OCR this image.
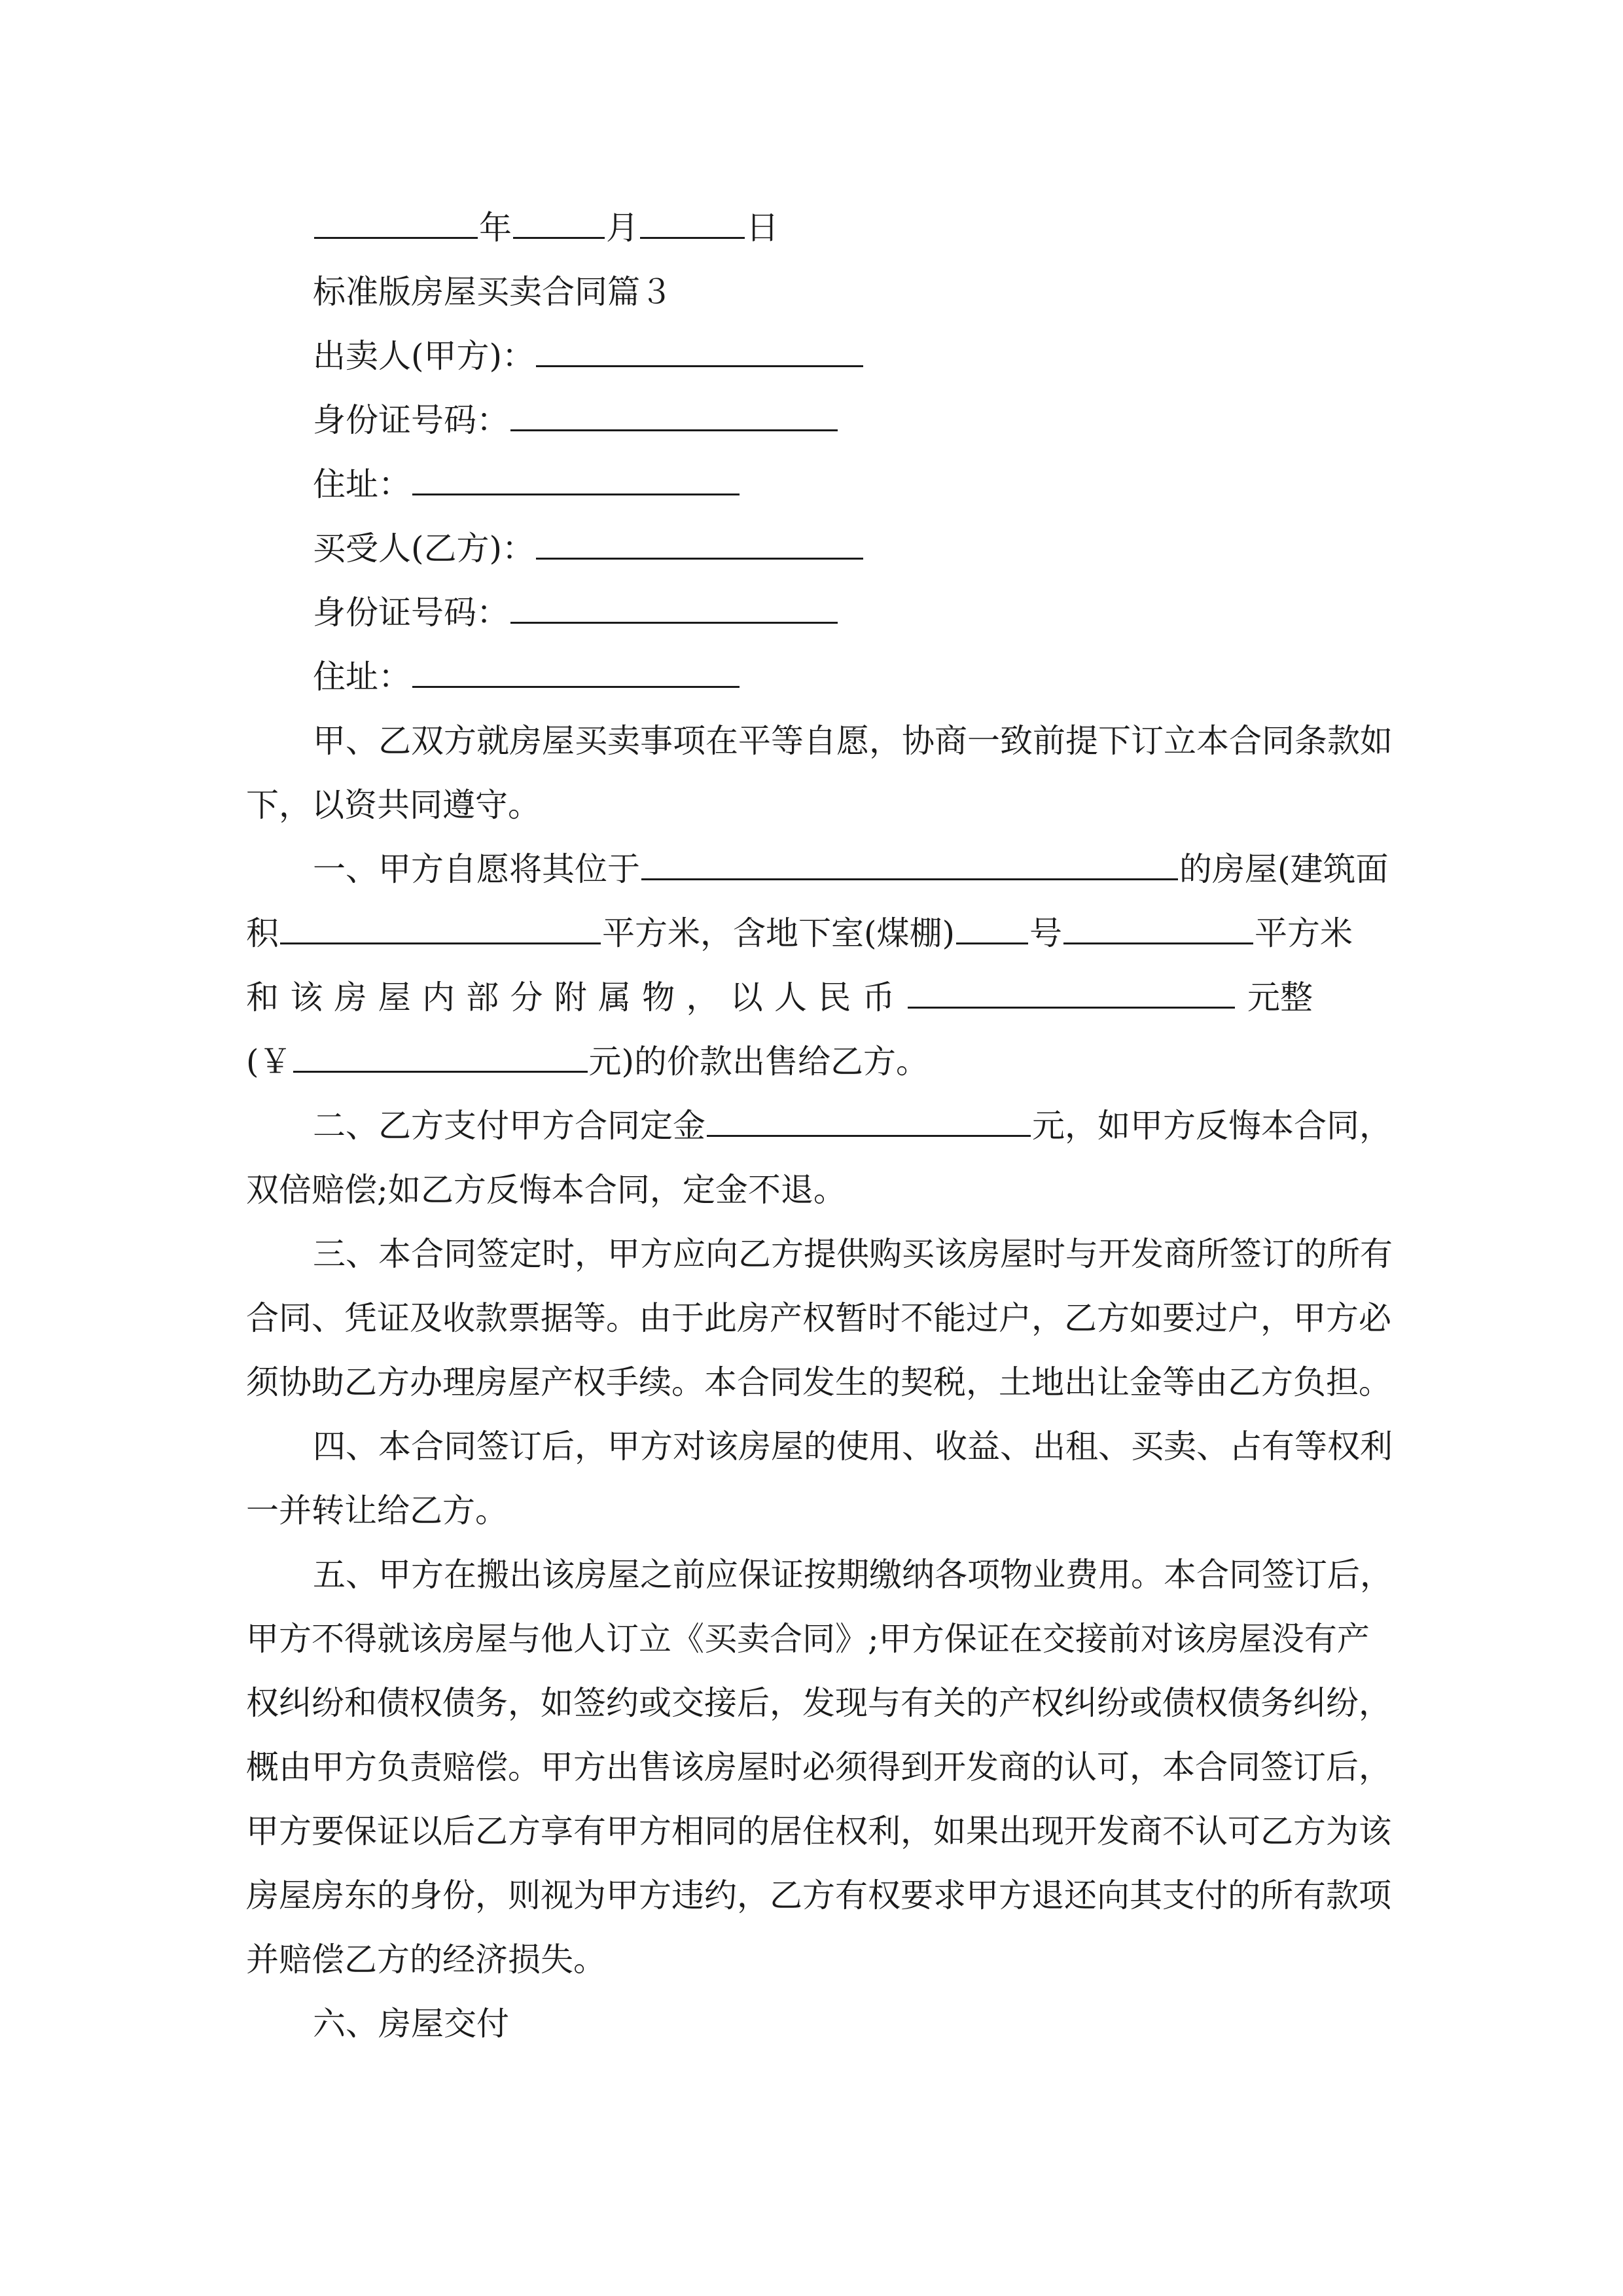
年	月	日
标准版房屋买卖合同篇３
出卖人(甲方)：
身份证号码：
住址：
买受人(乙方)：
身份证号码：
住址：
甲、乙双方就房屋买卖事项在平等自愿，协商一致前提下订立本合同条款如
下，以资共同遵守。
一、甲方自愿将其位于	的房屋(建筑面
积	平方米，含地下室(煤棚) 号	平方米
和 该 房 屋 内 部 分 附 属 物 ， 以 人 民 币	元整
(￥	元)的价款出售给乙方。
二、乙方支付甲方合同定金	元，如甲方反悔本合同，
双倍赔偿;如乙方反悔本合同，定金不退。
三、本合同签定时，甲方应向乙方提供购买该房屋时与开发商所签订的所有
合同、凭证及收款票据等。由于此房产权暂时不能过户，乙方如要过户，甲方必
须协助乙方办理房屋产权手续。本合同发生的契税，土地出让金等由乙方负担。
四、本合同签订后，甲方对该房屋的使用、收益、出租、买卖、占有等权利
一并转让给乙方。
五、甲方在搬出该房屋之前应保证按期缴纳各项物业费用。本合同签订后，
甲方不得就该房屋与他人订立《买卖合同》;甲方保证在交接前对该房屋没有产
权纠纷和债权债务，如签约或交接后，发现与有关的产权纠纷或债权债务纠纷，
概由甲方负责赔偿。甲方出售该房屋时必须得到开发商的认可，本合同签订后，
甲方要保证以后乙方享有甲方相同的居住权利，如果出现开发商不认可乙方为该
房屋房东的身份，则视为甲方违约，乙方有权要求甲方退还向其支付的所有款项
并赔偿乙方的经济损失。
六、房屋交付
